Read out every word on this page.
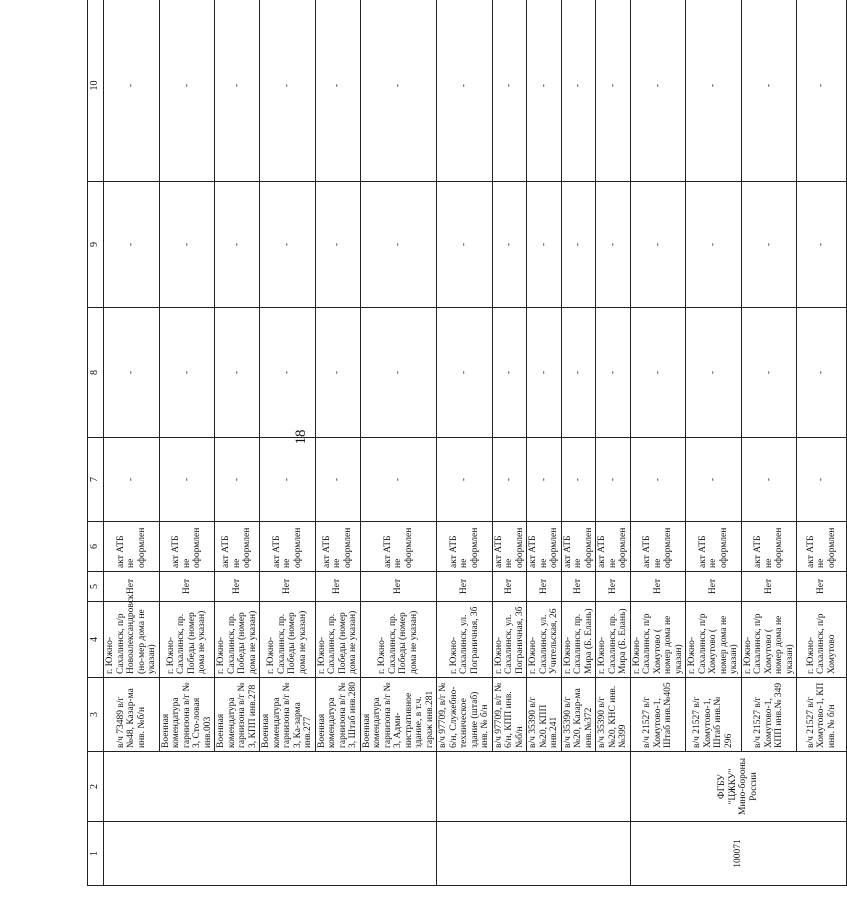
18
1	2	3	4	5	6	7	8	9	10
		в/ч 73489 в/г №48, Казар-ма инв. №б/н	г. Южно-Сахалинск, п/р Новоалександровск (но-мер дома не указан)	Нет	акт АТБ не оформлен	-	-	-	-
		Военная комендатура гарнизона в/г № 3, Сто-ловая инв.003	г. Южно-Сахалинск, пр. Победы (номер дома не указан)	Нет	акт АТБ не оформлен	-	-	-	-
		Военная комендатура гарнизона в/г № 3, КПП инв.278	г. Южно-Сахалинск, пр. Победы (номер дома не указан)	Нет	акт АТБ не оформлен	-	-	-	-
		Военная комендатура гарнизона в/г № 3, Ка-зарма инв.277	г. Южно-Сахалинск, пр. Победы (номер дома не указан)	Нет	акт АТБ не оформлен	-	-	-	-
		Военная комендатура гарнизона в/г № 3, Штаб инв.280	г. Южно-Сахалинск, пр. Победы (номер дома не указан)	Нет	акт АТБ не оформлен	-	-	-	-
		Военная комендатура гарнизона в/г № 3, Адми-нистративное здание, в т.ч. гараж инв.281	г. Южно-Сахалинск, пр. Победы (номер дома не указан)	Нет	акт АТБ не оформлен	-	-	-	-
		в/ч 97709, в/г № 6/н, Служебно-техническое здание (штаб) инв. № б/н	г. Южно-Сахалинск, ул. Пограничная, 3б	Нет	акт АТБ не оформлен	-	-	-	-
		в/ч 97709, в/г № 6/н, КПП инв. №б/н	г. Южно-Сахалинск, ул. Пограничная, 3б	Нет	акт АТБ не оформлен	-	-	-	-
		в/ч 35390 в/г №20, КПП инв.241	г. Южно-Сахалинск, ул. Учительская, 26	Нет	акт АТБ не оформлен	-	-	-	-
		в/ч 35390 в/г №20, Казар-ма инв.№372	г. Южно-Сахалинск, пр. Мира (Б. Елань)	Нет	акт АТБ не оформлен	-	-	-	-
		в/ч 35390 в/г №20, КНС инв.№399	г. Южно-Сахалинск, пр. Мира (Б. Елань)	Нет	акт АТБ не оформлен	-	-	-	-
100071	ФГБУ "ЦЖКУ" Мино-бороны России	в/ч 21527 в/г Хомутово-1, Штаб инв.№405	г. Южно-Сахалинск, п/р Хомутово ( номер дома не указан)	Нет	акт АТБ не оформлен	-	-	-	-
		в/ч 21527 в/г Хомутово-1, Штаб инв.№ 296	г. Южно-Сахалинск, п/р Хомутово ( номер дома не указан)	Нет	акт АТБ не оформлен	-	-	-	-
		в/ч 21527 в/г Хомутово-1, КПП инв.№ 349	г. Южно-Сахалинск, п/р Хомутово ( номер дома не указан)	Нет	акт АТБ не оформлен	-	-	-	-
		в/ч 21527 в/г Хомутово-1, КП инв. № б/н	г. Южно-Сахалинск, п/р Хомутово	Нет	акт АТБ не оформлен	-	-	-	-
